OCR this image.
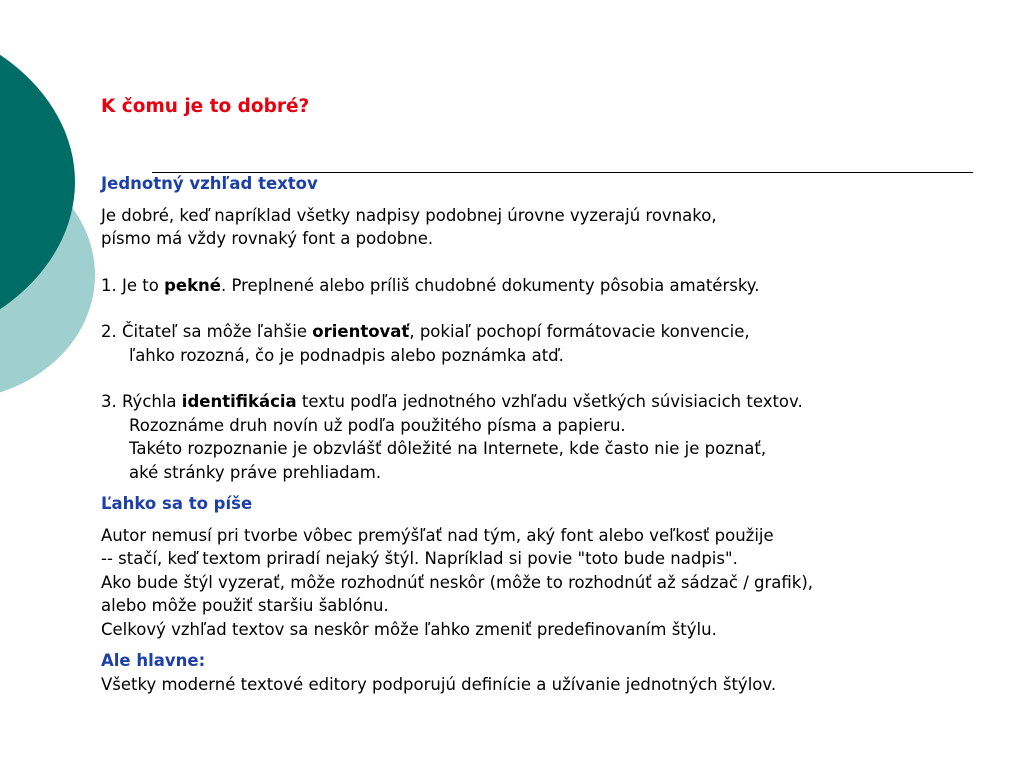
K čomu je to dobré?

Jednotný vzhľad textov

Je dobré, keď napríklad všetky nadpisy podobnej úrovne vyzerajú rovnako,

písmo má vždy rovnaký font a podobne.

1. Je to pekné. Preplnené alebo príliš chudobné dokumenty pôsobia amatérsky.

2. Čitateľ sa môže ľahšie orientovať, pokiaľ pochopí formátovacie konvencie,

ľahko rozozná, čo je podnadpis alebo poznámka atď.

3. Rýchla identifikácia textu podľa jednotného vzhľadu všetkých súvisiacich textov.

Rozoznáme druh novín už podľa použitého písma a papieru.

Takéto rozpoznanie je obzvlášť dôležité na Internete, kde často nie je poznať,

aké stránky práve prehliadam.

Ľahko sa to píše

Autor nemusí pri tvorbe vôbec premýšľať nad tým, aký font alebo veľkosť použije

-- stačí, keď textom priradí nejaký štýl. Napríklad si povie "toto bude nadpis".

Ako bude štýl vyzerať, môže rozhodnúť neskôr (môže to rozhodnúť až sádzač / grafik),

alebo môže použiť staršiu šablónu.

Celkový vzhľad textov sa neskôr môže ľahko zmeniť predefinovaním štýlu.

Ale hlavne:

Všetky moderné textové editory podporujú definície a užívanie jednotných štýlov.
